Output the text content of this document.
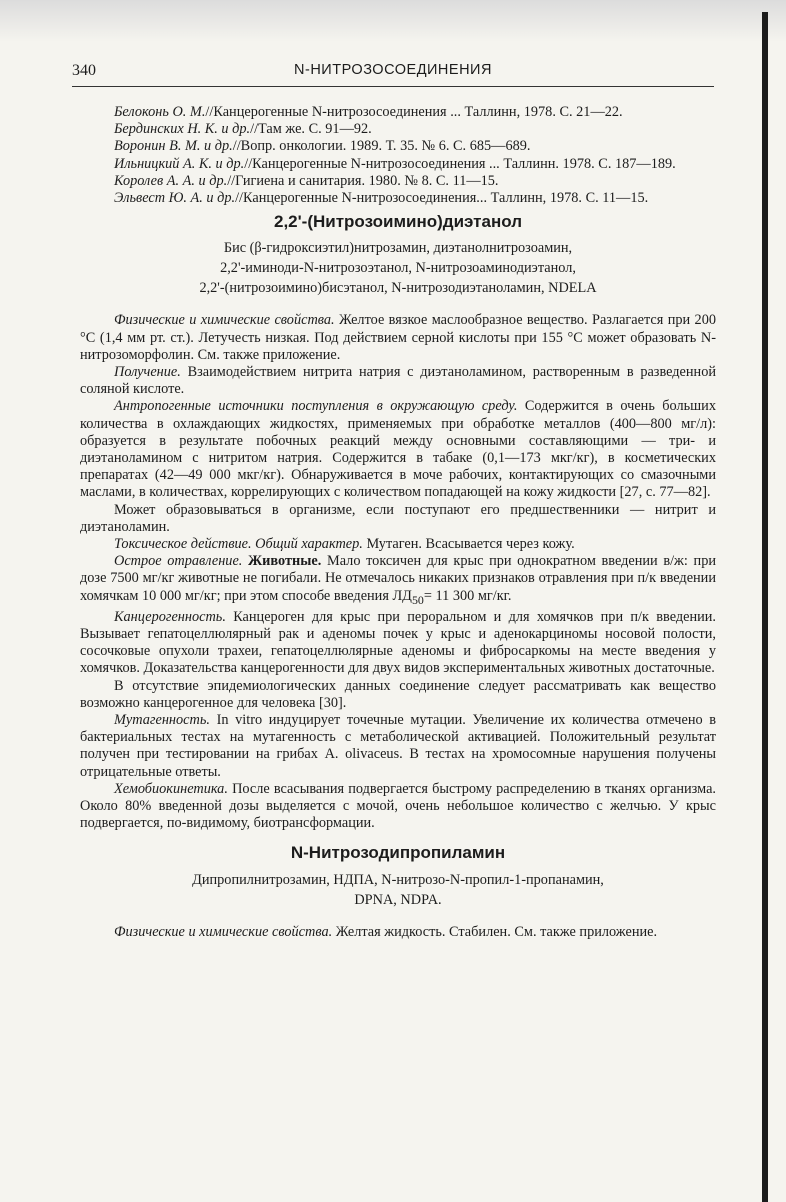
340	N-НИТРОЗОСОЕДИНЕНИЯ

Белоконь О. М.//Канцерогенные N-нитрозосоединения ... Таллинн, 1978. С. 21—22.

Бердинских Н. К. и др.//Там же. С. 91—92.

Воронин В. М. и др.//Вопр. онкологии. 1989. Т. 35. № 6. С. 685—689.

Ильницкий А. К. и др.//Канцерогенные N-нитрозосоединения ... Таллинн. 1978. С. 187—189.

Королев А. А. и др.//Гигиена и санитария. 1980. № 8. С. 11—15.

Эльвест Ю. А. и др.//Канцерогенные N-нитрозосоединения... Таллинн, 1978. С. 11—15.

2,2'-(Нитрозоимино)диэтанол
Бис (β-гидроксиэтил)нитрозамин, диэтанолнитрозоамин,
2,2'-иминоди-N-нитрозоэтанол, N-нитрозоаминодиэтанол,
2,2'-(нитрозоимино)бисэтанол, N-нитрозодиэтаноламин, NDELA

Физические и химические свойства. Желтое вязкое маслообразное вещество. Разлагается при 200 °С (1,4 мм рт. ст.). Летучесть низкая. Под действием серной кислоты при 155 °С может образовать N-нитрозоморфолин. См. также приложение.

Получение. Взаимодействием нитрита натрия с диэтаноламином, растворенным в разведенной соляной кислоте.

Антропогенные источники поступления в окружающую среду. Содержится в очень больших количества в охлаждающих жидкостях, применяемых при обработке металлов (400—800 мг/л): образуется в результате побочных реакций между основными составляющими — три- и диэтаноламином с нитритом натрия. Содержится в табаке (0,1—173 мкг/кг), в косметических препаратах (42—49 000 мкг/кг). Обнаруживается в моче рабочих, контактирующих со смазочными маслами, в количествах, коррелирующих с количеством попадающей на кожу жидкости [27, с. 77—82].

Может образовываться в организме, если поступают его предшественники — нитрит и диэтаноламин.

Токсическое действие. Общий характер. Мутаген. Всасывается через кожу.

Острое отравление. Животные. Мало токсичен для крыс при однократном введении в/ж: при дозе 7500 мг/кг животные не погибали. Не отмечалось никаких признаков отравления при п/к введении хомячкам 10 000 мг/кг; при этом способе введения $ЛД_{50}= 11$ 300 мг/кг.

Канцерогенность. Канцероген для крыс при пероральном и для хомячков при п/к введении. Вызывает гепатоцеллюлярный рак и аденомы почек у крыс и аденокарциномы носовой полости, сосочковые опухоли трахеи, гепатоцеллюлярные аденомы и фибросаркомы на месте введения у хомячков. Доказательства канцерогенности для двух видов экспериментальных животных достаточные.

В отсутствие эпидемиологических данных соединение следует рассматривать как вещество возможно канцерогенное для человека [30].

Мутагенность. In vitro индуцирует точечные мутации. Увеличение их количества отмечено в бактериальных тестах на мутагенность с метаболической активацией. Положительный результат получен при тестировании на грибах A. olivaceus. В тестах на хромосомные нарушения получены отрицательные ответы.

Хемобиокинетика. После всасывания подвергается быстрому распределению в тканях организма. Около 80% введенной дозы выделяется с мочой, очень небольшое количество с желчью. У крыс подвергается, по-видимому, биотрансформации.

N-Нитрозодипропиламин
Дипропилнитрозамин, НДПА, N-нитрозо-N-пропил-1-пропанамин,
DPNA, NDPA.

Физические и химические свойства. Желтая жидкость. Стабилен. См. также приложение.
